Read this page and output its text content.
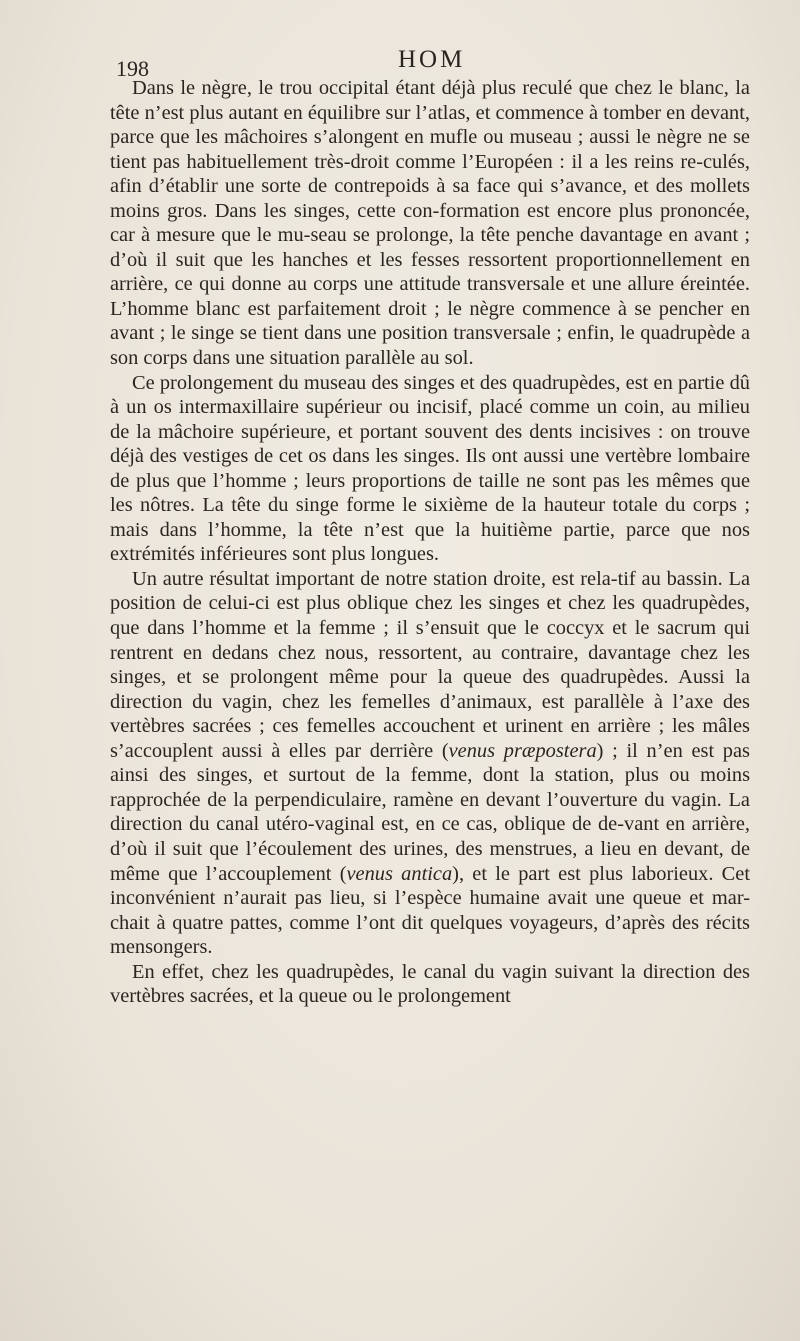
198	HOM

Dans le nègre, le trou occipital étant déjà plus reculé que chez le blanc, la tête n’est plus autant en équilibre sur l’atlas, et commence à tomber en devant, parce que les mâchoires s’alongent en mufle ou museau ; aussi le nègre ne se tient pas habituellement très-droit comme l’Européen : il a les reins re-culés, afin d’établir une sorte de contrepoids à sa face qui s’avance, et des mollets moins gros. Dans les singes, cette con-formation est encore plus prononcée, car à mesure que le mu-seau se prolonge, la tête penche davantage en avant ; d’où il suit que les hanches et les fesses ressortent proportionnellement en arrière, ce qui donne au corps une attitude transversale et une allure éreintée. L’homme blanc est parfaitement droit ; le nègre commence à se pencher en avant ; le singe se tient dans une position transversale ; enfin, le quadrupède a son corps dans une situation parallèle au sol.

Ce prolongement du museau des singes et des quadrupèdes, est en partie dû à un os intermaxillaire supérieur ou incisif, placé comme un coin, au milieu de la mâchoire supérieure, et portant souvent des dents incisives : on trouve déjà des vestiges de cet os dans les singes. Ils ont aussi une vertèbre lombaire de plus que l’homme ; leurs proportions de taille ne sont pas les mêmes que les nôtres. La tête du singe forme le sixième de la hauteur totale du corps ; mais dans l’homme, la tête n’est que la huitième partie, parce que nos extrémités inférieures sont plus longues.

Un autre résultat important de notre station droite, est rela-tif au bassin. La position de celui-ci est plus oblique chez les singes et chez les quadrupèdes, que dans l’homme et la femme ; il s’ensuit que le coccyx et le sacrum qui rentrent en dedans chez nous, ressortent, au contraire, davantage chez les singes, et se prolongent même pour la queue des quadrupèdes. Aussi la direction du vagin, chez les femelles d’animaux, est parallèle à l’axe des vertèbres sacrées ; ces femelles accouchent et urinent en arrière ; les mâles s’accouplent aussi à elles par derrière (venus præpostera) ; il n’en est pas ainsi des singes, et surtout de la femme, dont la station, plus ou moins rapprochée de la perpendiculaire, ramène en devant l’ouverture du vagin. La direction du canal utéro-vaginal est, en ce cas, oblique de de-vant en arrière, d’où il suit que l’écoulement des urines, des menstrues, a lieu en devant, de même que l’accouplement (venus antica), et le part est plus laborieux. Cet inconvénient n’aurait pas lieu, si l’espèce humaine avait une queue et mar-chait à quatre pattes, comme l’ont dit quelques voyageurs, d’après des récits mensongers.

En effet, chez les quadrupèdes, le canal du vagin suivant la direction des vertèbres sacrées, et la queue ou le prolongement
